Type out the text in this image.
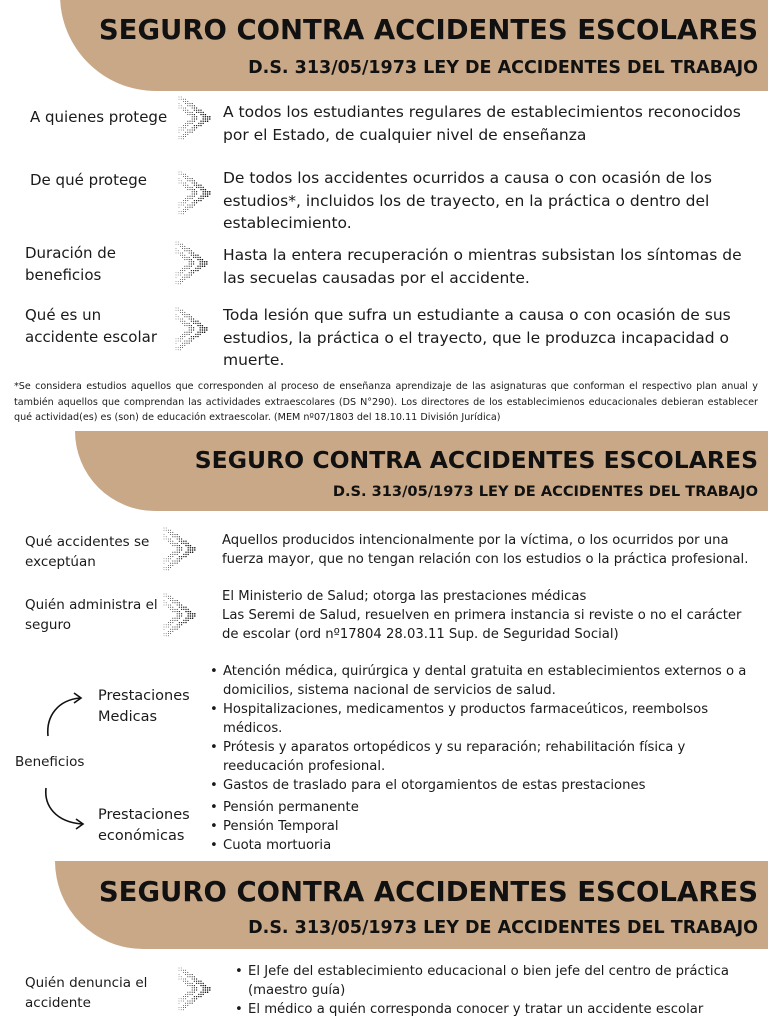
SEGURO CONTRA ACCIDENTES ESCOLARES
D.S. 313/05/1973 LEY DE ACCIDENTES DEL TRABAJO
A quienes protege	A todos los estudiantes regulares de establecimientos reconocidos por el Estado, de cualquier nivel de enseñanza
De qué protege	De todos los accidentes ocurridos a causa o con ocasión de los estudios*, incluidos los de trayecto, en la práctica o dentro del establecimiento.
Duración de beneficios
Hasta la entera recuperación o mientras subsistan los síntomas de las secuelas causadas por el accidente.
Qué es un accidente escolar
Toda lesión que sufra un estudiante a causa o con ocasión de sus estudios, la práctica o el trayecto, que le produzca incapacidad o muerte.
*Se considera estudios aquellos que corresponden al proceso de enseñanza aprendizaje de las asignaturas que conforman el respectivo plan anual y también aquellos que comprendan las actividades extraescolares (DS N°290). Los directores de los establecimienos educacionales debieran establecer qué actividad(es) es (son) de educación extraescolar. (MEM nº07/1803 del 18.10.11 División Jurídica)
SEGURO CONTRA ACCIDENTES ESCOLARES
D.S. 313/05/1973 LEY DE ACCIDENTES DEL TRABAJO
Qué accidentes se exceptúan
Aquellos producidos intencionalmente por la víctima, o los ocurridos por una fuerza mayor, que no tengan relación con los estudios o la práctica profesional.
Quién administra el seguro
El Ministerio de Salud; otorga las prestaciones médicas
Las Seremi de Salud, resuelven en primera instancia si reviste o no el carácter de escolar (ord nº17804 28.03.11 Sup. de Seguridad Social)
Beneficios
Prestaciones Medicas
• Atención médica, quirúrgica y dental gratuita en establecimientos externos o a domicilios, sistema nacional de servicios de salud.
• Hospitalizaciones, medicamentos y productos farmaceúticos, reembolsos médicos.
• Prótesis y aparatos ortopédicos y su reparación; rehabilitación física y reeducación profesional.
• Gastos de traslado para el otorgamientos de estas prestaciones
Prestaciones económicas
• Pensión permanente
• Pensión Temporal
• Cuota mortuoria
SEGURO CONTRA ACCIDENTES ESCOLARES
D.S. 313/05/1973 LEY DE ACCIDENTES DEL TRABAJO
Quién denuncia el accidente
• El Jefe del establecimiento educacional o bien jefe del centro de práctica (maestro guía)
• El médico a quién corresponda conocer y tratar un accidente escolar
